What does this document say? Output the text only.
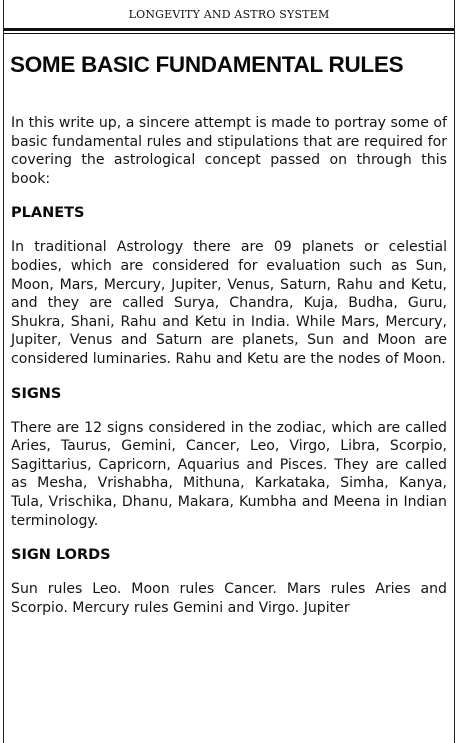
LONGEVITY AND ASTRO SYSTEM
SOME BASIC FUNDAMENTAL RULES

In this write up, a sincere attempt is made to portray some of basic fundamental rules and stipulations that are required for covering the astrological concept passed on through this book:

PLANETS

In traditional Astrology there are 09 planets or celestial bodies, which are considered for evaluation such as Sun, Moon, Mars, Mercury, Jupiter, Venus, Saturn, Rahu and Ketu, and they are called Surya, Chandra, Kuja, Budha, Guru, Shukra, Shani, Rahu and Ketu in India. While Mars, Mercury, Jupiter, Venus and Saturn are planets, Sun and Moon are considered luminaries. Rahu and Ketu are the nodes of Moon.

SIGNS

There are 12 signs considered in the zodiac, which are called Aries, Taurus, Gemini, Cancer, Leo, Virgo, Libra, Scorpio, Sagittarius, Capricorn, Aquarius and Pisces. They are called as Mesha, Vrishabha, Mithuna, Karkataka, Simha, Kanya, Tula, Vrischika, Dhanu, Makara, Kumbha and Meena in Indian terminology.

SIGN LORDS

Sun rules Leo. Moon rules Cancer. Mars rules Aries and Scorpio. Mercury rules Gemini and Virgo. Jupiter
